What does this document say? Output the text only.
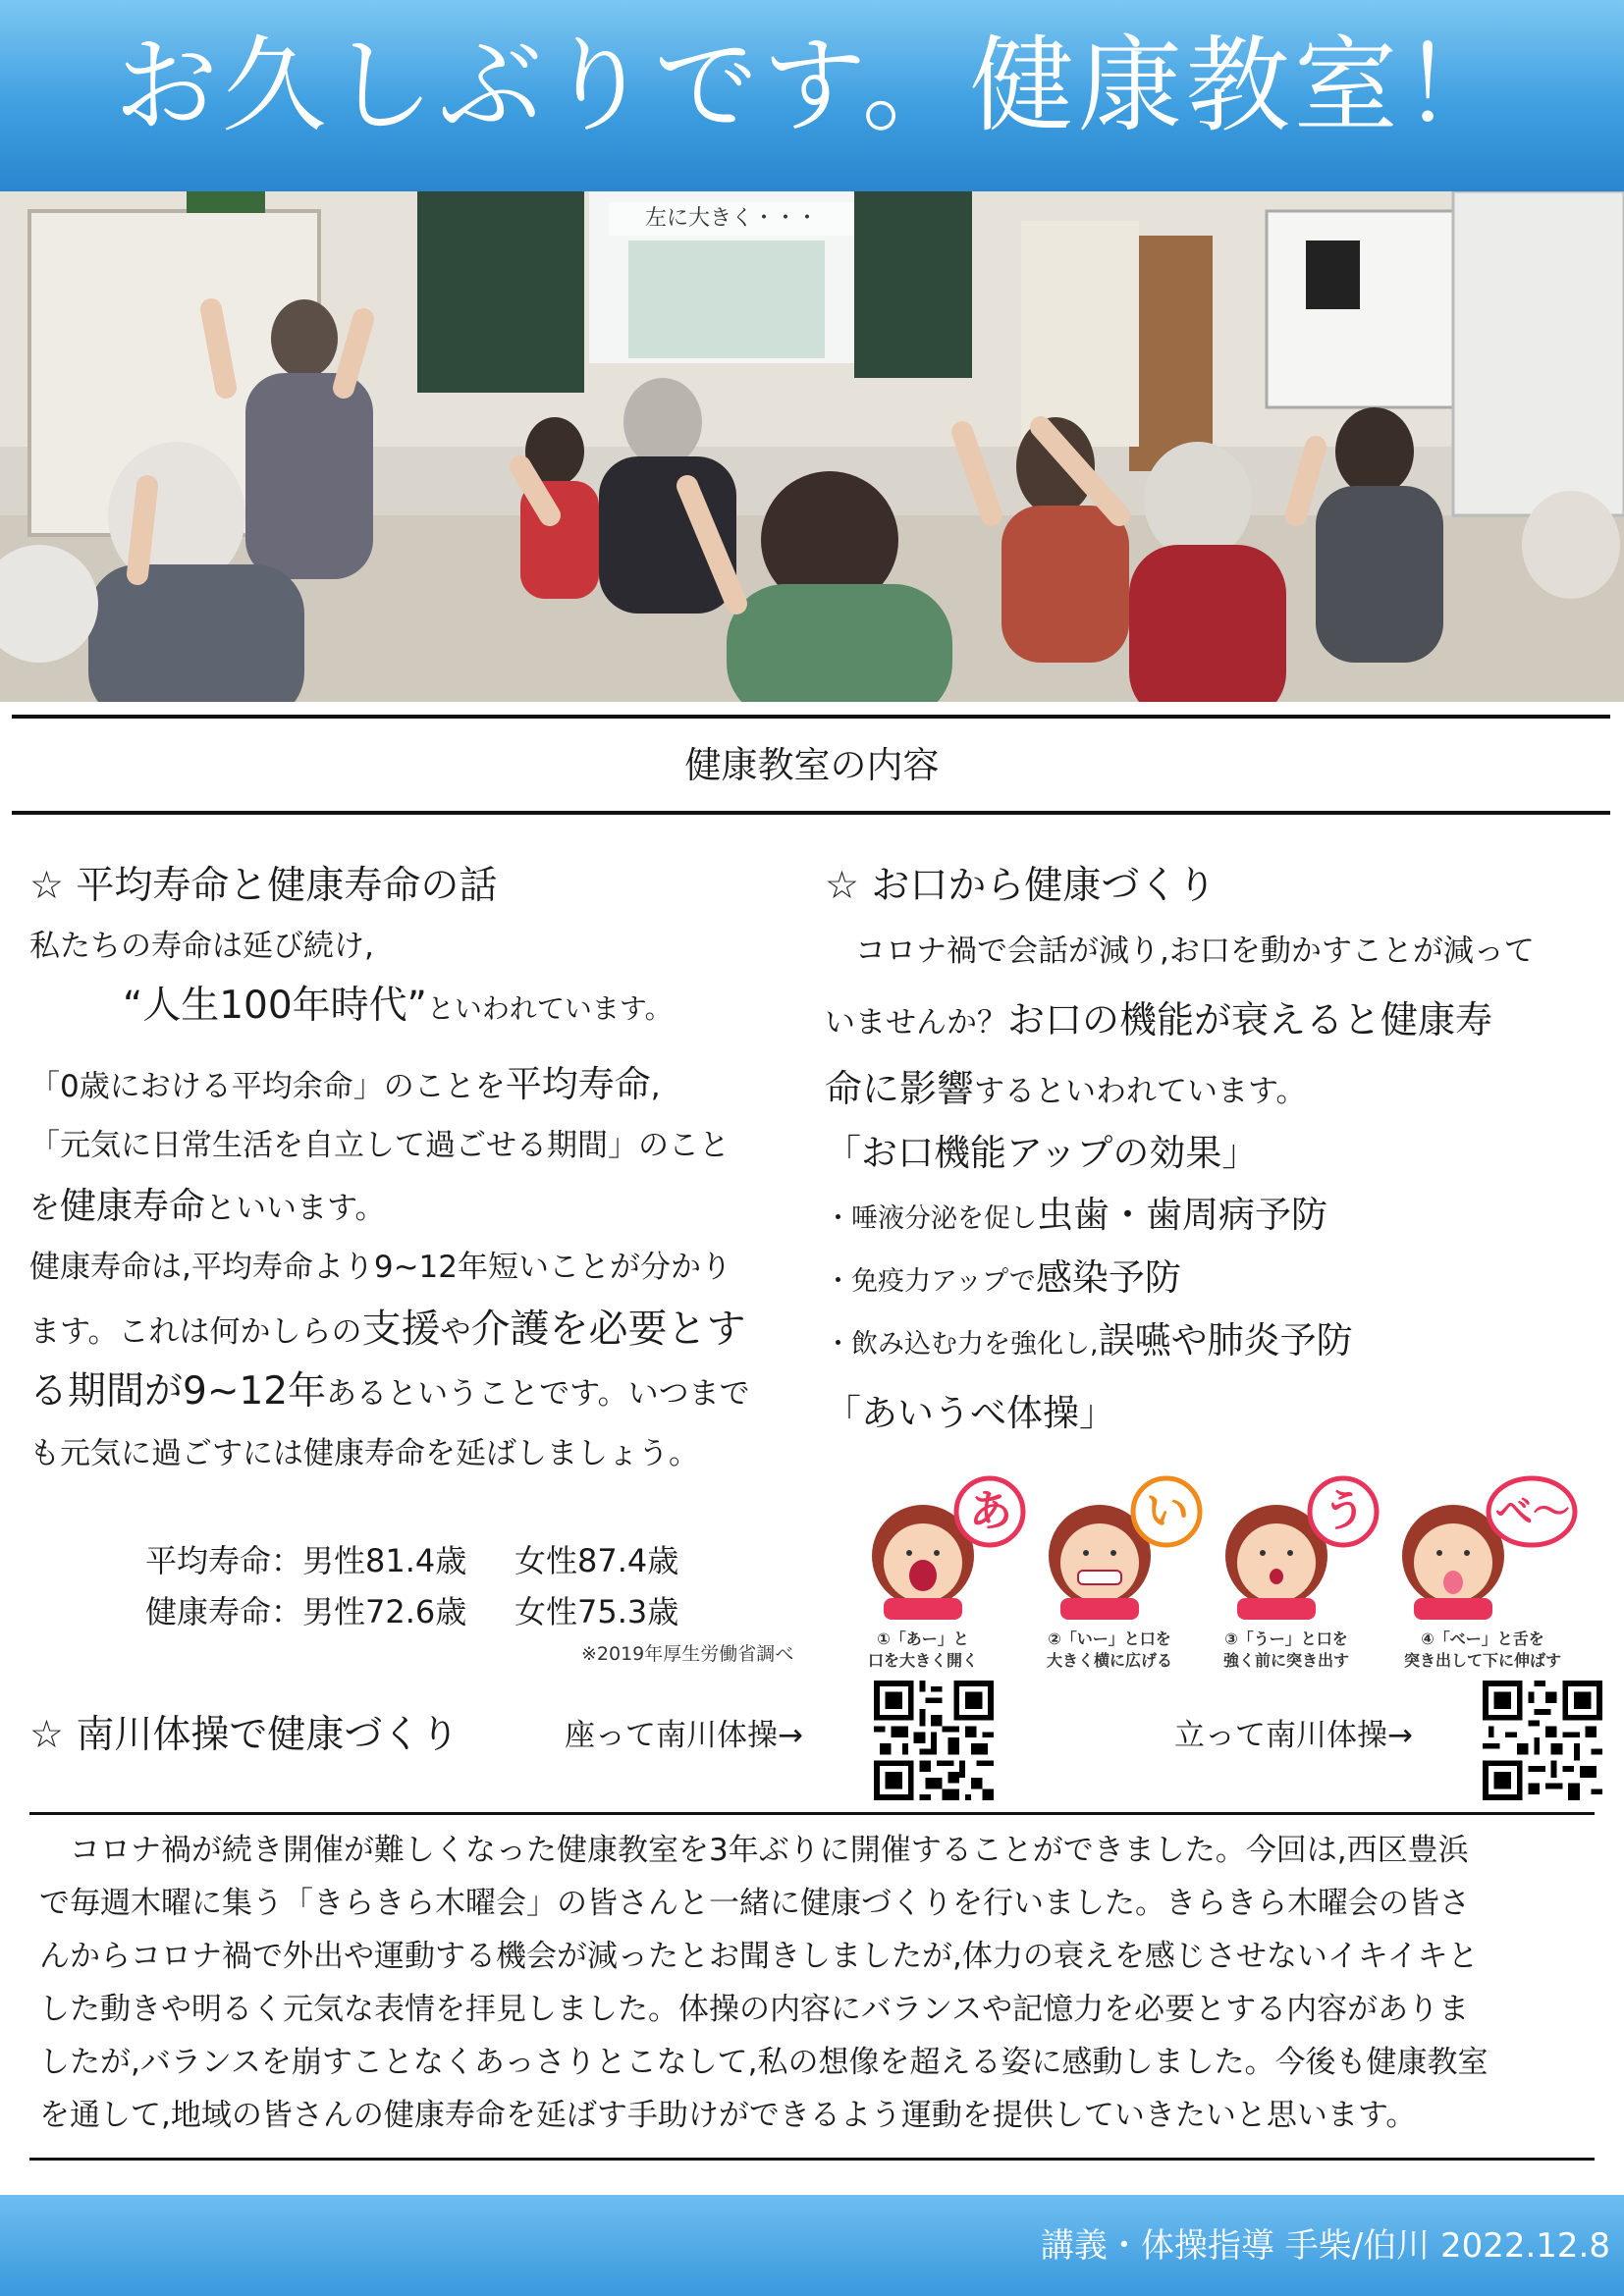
お久しぶりです。健康教室！
左に大きく・・・
健康教室の内容
☆ 平均寿命と健康寿命の話
私たちの寿命は延び続け,
“人生100年時代”といわれています。
「0歳における平均余命」のことを平均寿命,
「元気に日常生活を自立して過ごせる期間」のこと
を健康寿命といいます。
健康寿命は,平均寿命より9~12年短いことが分かり
ます。これは何かしらの支援や介護を必要とす
る期間が9~12年あるということです。いつまで
も元気に過ごすには健康寿命を延ばしましょう。
平均寿命：男性81.4歳 女性87.4歳
健康寿命：男性72.6歳 女性75.3歳
※2019年厚生労働省調べ
☆ お口から健康づくり
　コロナ禍で会話が減り,お口を動かすことが減って
いませんか？お口の機能が衰えると健康寿
命に影響するといわれています。
「お口機能アップの効果」
・唾液分泌を促し虫歯・歯周病予防
・免疫力アップで感染予防
・飲み込む力を強化し,誤嚥や肺炎予防
「あいうべ体操」
あ
①「あー」と
口を大きく開く
い
②「いー」と口を
大きく横に広げる
う
③「うー」と口を
強く前に突き出す
べ〜
④「べー」と舌を
突き出して下に伸ばす
☆ 南川体操で健康づくり	座って南川体操→	立って南川体操→
　コロナ禍が続き開催が難しくなった健康教室を3年ぶりに開催することができました。今回は,西区豊浜
で毎週木曜に集う「きらきら木曜会」の皆さんと一緒に健康づくりを行いました。きらきら木曜会の皆さ
んからコロナ禍で外出や運動する機会が減ったとお聞きしましたが,体力の衰えを感じさせないイキイキと
した動きや明るく元気な表情を拝見しました。体操の内容にバランスや記憶力を必要とする内容がありま
したが,バランスを崩すことなくあっさりとこなして,私の想像を超える姿に感動しました。今後も健康教室
を通して,地域の皆さんの健康寿命を延ばす手助けができるよう運動を提供していきたいと思います。
講義・体操指導 手柴/伯川 2022.12.8
